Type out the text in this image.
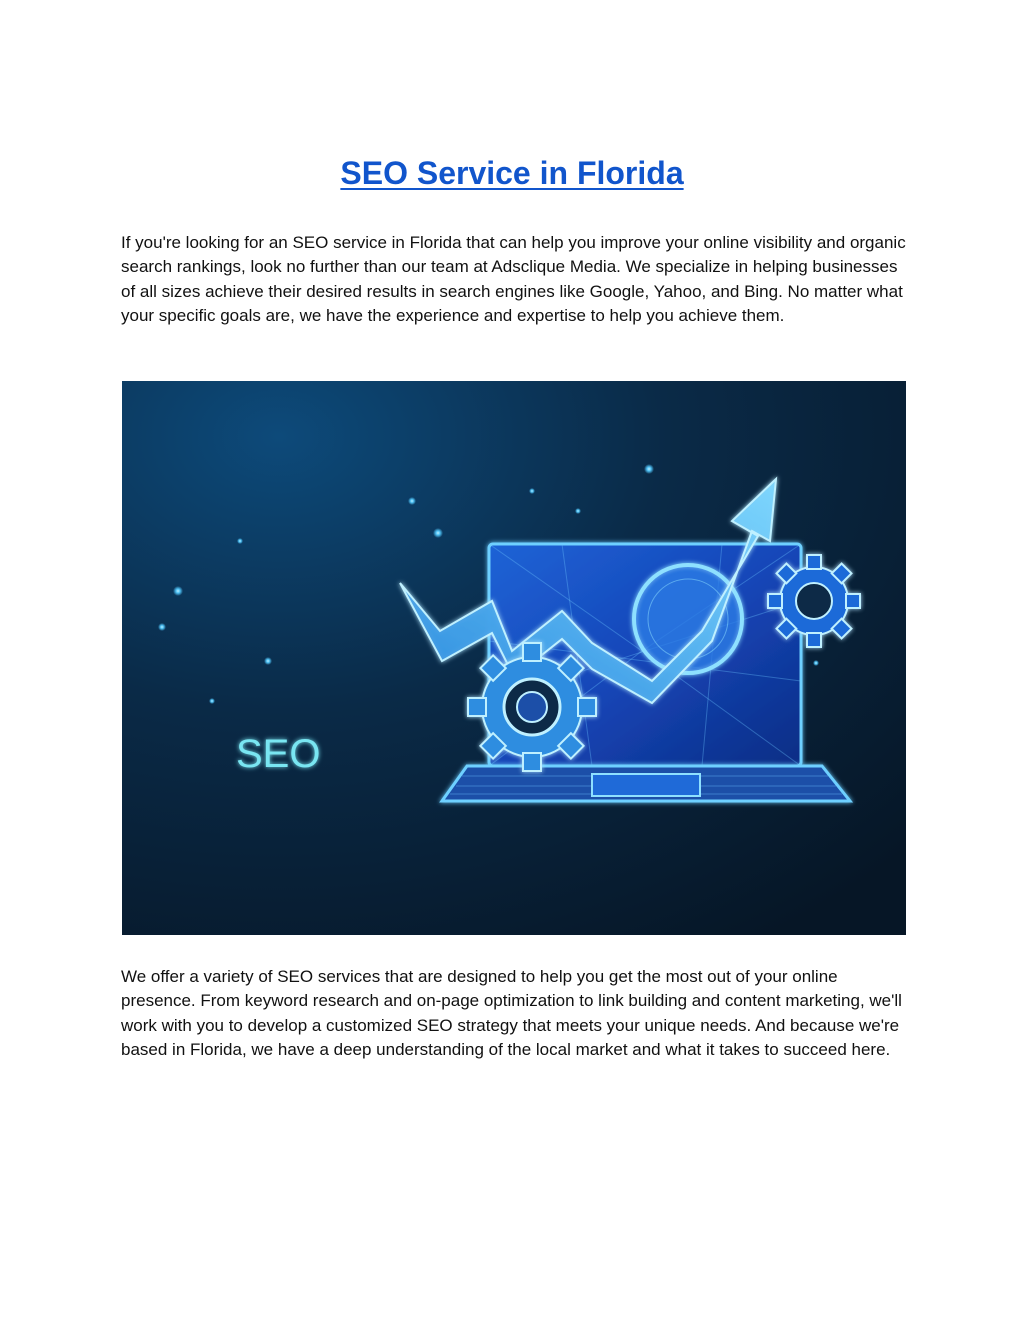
SEO Service in Florida

If you're looking for an SEO service in Florida that can help you improve your online visibility and organic search rankings, look no further than our team at Adsclique Media. We specialize in helping businesses of all sizes achieve their desired results in search engines like Google, Yahoo, and Bing. No matter what your specific goals are, we have the experience and expertise to help you achieve them.

SEO

We offer a variety of SEO services that are designed to help you get the most out of your online presence. From keyword research and on-page optimization to link building and content marketing, we'll work with you to develop a customized SEO strategy that meets your unique needs. And because we're based in Florida, we have a deep understanding of the local market and what it takes to succeed here.
